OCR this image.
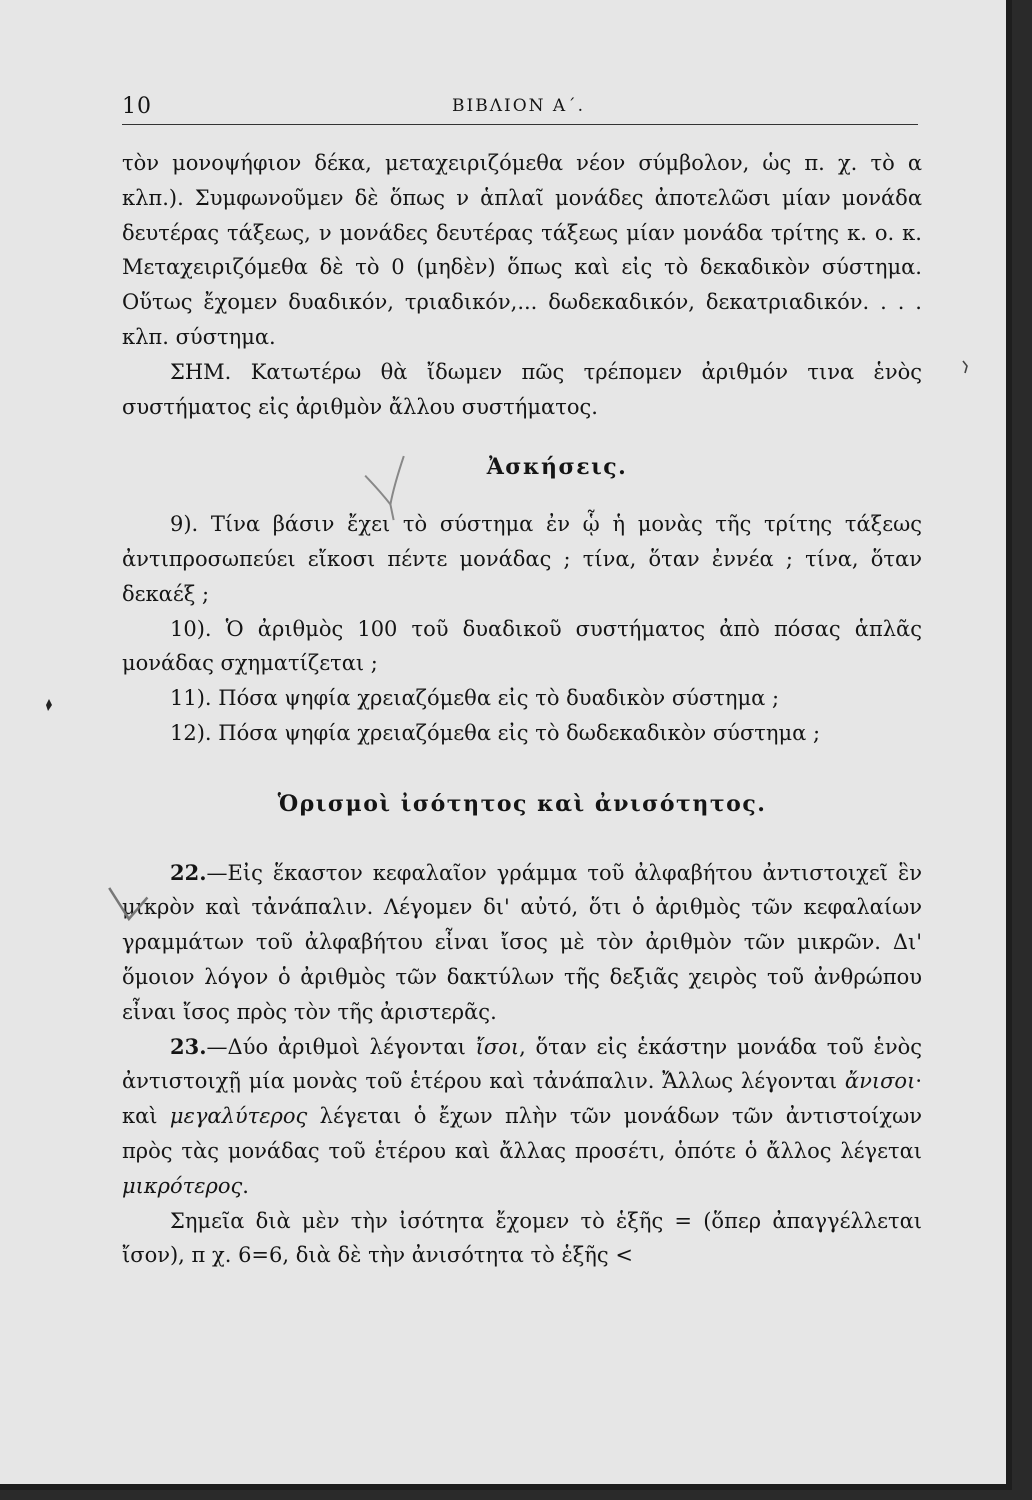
10	ΒΙΒΛΙΟΝ Α΄.

τὸν μονοψήφιον δέκα, μεταχειριζόμεθα νέον σύμβολον, ὡς π. χ. τὸ α κλπ.). Συμφωνοῦμεν δὲ ὅπως ν ἁπλαῖ μονάδες ἀποτελῶσι μίαν μονάδα δευτέρας τάξεως, ν μονάδες δευτέρας τάξεως μίαν μονάδα τρίτης κ. ο. κ. Μεταχειριζόμεθα δὲ τὸ 0 (μηδὲν) ὅπως καὶ εἰς τὸ δεκαδικὸν σύστημα. Οὕτως ἔχομεν δυαδικόν, τριαδικόν,... δωδεκαδικόν, δεκατριαδικόν. . . . κλπ. σύστημα.

ΣΗΜ. Κατωτέρω θὰ ἴδωμεν πῶς τρέπομεν ἀριθμόν τινα ἑνὸς συστήματος εἰς ἀριθμὸν ἄλλου συστήματος.

Ἀσκήσεις.

9). Τίνα βάσιν ἔχει τὸ σύστημα ἐν ᾧ ἡ μονὰς τῆς τρίτης τάξεως ἀντιπροσωπεύει εἴκοσι πέντε μονάδας ; τίνα, ὅταν ἐννέα ; τίνα, ὅταν δεκαέξ ;

10). Ὁ ἀριθμὸς 100 τοῦ δυαδικοῦ συστήματος ἀπὸ πόσας ἁπλᾶς μονάδας σχηματίζεται ;

11). Πόσα ψηφία χρειαζόμεθα εἰς τὸ δυαδικὸν σύστημα ;

12). Πόσα ψηφία χρειαζόμεθα εἰς τὸ δωδεκαδικὸν σύστημα ;

Ὁρισμοὶ ἰσότητος καὶ ἀνισότητος.

22.—Εἰς ἕκαστον κεφαλαῖον γράμμα τοῦ ἀλφαβήτου ἀντιστοιχεῖ ἓν μικρὸν καὶ τἀνάπαλιν. Λέγομεν δι' αὐτό, ὅτι ὁ ἀριθμὸς τῶν κεφαλαίων γραμμάτων τοῦ ἀλφαβήτου εἶναι ἴσος μὲ τὸν ἀριθμὸν τῶν μικρῶν. Δι' ὅμοιον λόγον ὁ ἀριθμὸς τῶν δακτύλων τῆς δεξιᾶς χειρὸς τοῦ ἀνθρώπου εἶναι ἴσος πρὸς τὸν τῆς ἀριστερᾶς.

23.—Δύο ἀριθμοὶ λέγονται ἴσοι, ὅταν εἰς ἑκάστην μονάδα τοῦ ἑνὸς ἀντιστοιχῇ μία μονὰς τοῦ ἑτέρου καὶ τἀνάπαλιν. Ἄλλως λέγονται ἄνισοι· καὶ μεγαλύτερος λέγεται ὁ ἔχων πλὴν τῶν μονάδων τῶν ἀντιστοίχων πρὸς τὰς μονάδας τοῦ ἑτέρου καὶ ἄλλας προσέτι, ὁπότε ὁ ἄλλος λέγεται μικρότερος.

Σημεῖα διὰ μὲν τὴν ἰσότητα ἔχομεν τὸ ἑξῆς = (ὅπερ ἀπαγγέλλεται ἴσον), π χ. 6=6, διὰ δὲ τὴν ἀνισότητα τὸ ἑξῆς <
